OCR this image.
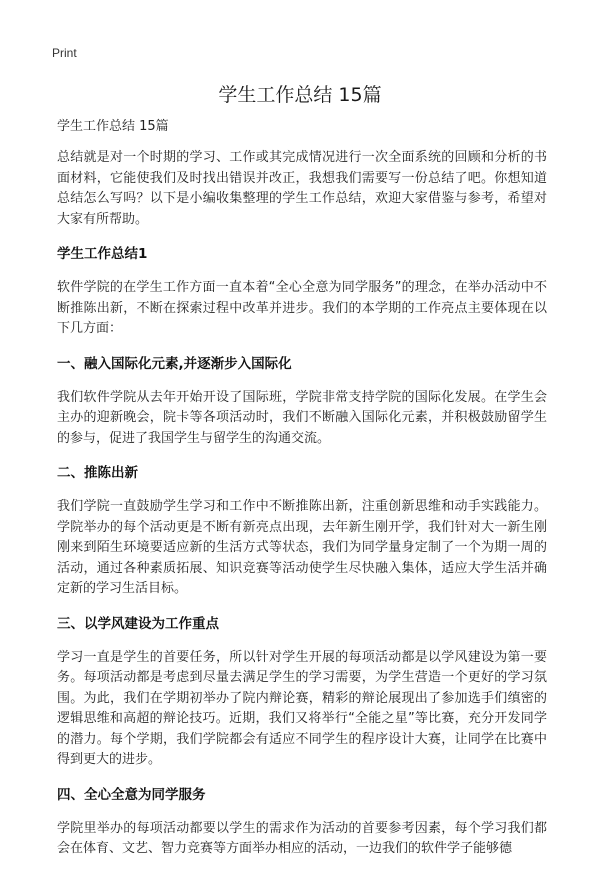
Print
学生工作总结 15篇

学生工作总结 15篇

总结就是对一个时期的学习、工作或其完成情况进行一次全面系统的回顾和分析的书面材料，它能使我们及时找出错误并改正，我想我们需要写一份总结了吧。你想知道总结怎么写吗？以下是小编收集整理的学生工作总结，欢迎大家借鉴与参考，希望对大家有所帮助。

学生工作总结1

软件学院的在学生工作方面一直本着“全心全意为同学服务”的理念，在举办活动中不断推陈出新，不断在探索过程中改革并进步。我们的本学期的工作亮点主要体现在以下几方面：

一、融入国际化元素,并逐渐步入国际化

我们软件学院从去年开始开设了国际班，学院非常支持学院的国际化发展。在学生会主办的迎新晚会，院卡等各项活动时，我们不断融入国际化元素，并积极鼓励留学生的参与，促进了我国学生与留学生的沟通交流。

二、推陈出新

我们学院一直鼓励学生学习和工作中不断推陈出新，注重创新思维和动手实践能力。学院举办的每个活动更是不断有新亮点出现，去年新生刚开学，我们针对大一新生刚刚来到陌生环境要适应新的生活方式等状态，我们为同学量身定制了一个为期一周的活动，通过各种素质拓展、知识竞赛等活动使学生尽快融入集体，适应大学生活并确定新的学习生活目标。

三、以学风建设为工作重点

学习一直是学生的首要任务，所以针对学生开展的每项活动都是以学风建设为第一要务。每项活动都是考虑到尽量去满足学生的学习需要，为学生营造一个更好的学习氛围。为此，我们在学期初举办了院内辩论赛，精彩的辩论展现出了参加选手们缜密的逻辑思维和高超的辩论技巧。近期，我们又将举行“全能之星”等比赛，充分开发同学的潜力。每个学期，我们学院都会有适应不同学生的程序设计大赛，让同学在比赛中得到更大的进步。

四、全心全意为同学服务

学院里举办的每项活动都要以学生的需求作为活动的首要参考因素，每个学习我们都会在体育、文艺、智力竞赛等方面举办相应的活动，一边我们的软件学子能够德
